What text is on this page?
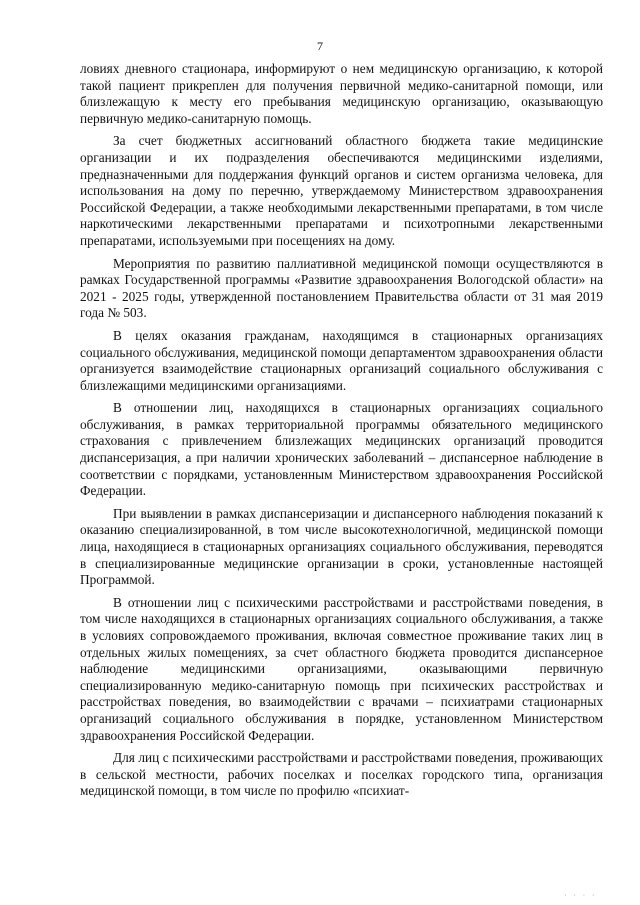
7

ловиях дневного стационара, информируют о нем медицинскую организацию, к которой такой пациент прикреплен для получения первичной медико-санитарной помощи, или близлежащую к месту его пребывания медицинскую организацию, оказывающую первичную медико-санитарную помощь.

За счет бюджетных ассигнований областного бюджета такие медицинские организации и их подразделения обеспечиваются медицинскими изделиями, предназначенными для поддержания функций органов и систем организма человека, для использования на дому по перечню, утверждаемому Министерством здравоохранения Российской Федерации, а также необходимыми лекарственными препаратами, в том числе наркотическими лекарственными препаратами и психотропными лекарственными препаратами, используемыми при посещениях на дому.

Мероприятия по развитию паллиативной медицинской помощи осуществляются в рамках Государственной программы «Развитие здравоохранения Вологодской области» на 2021 - 2025 годы, утвержденной постановлением Правительства области от 31 мая 2019 года № 503.

В целях оказания гражданам, находящимся в стационарных организациях социального обслуживания, медицинской помощи департаментом здравоохранения области организуется взаимодействие стационарных организаций социального обслуживания с близлежащими медицинскими организациями.

В отношении лиц, находящихся в стационарных организациях социального обслуживания, в рамках территориальной программы обязательного медицинского страхования с привлечением близлежащих медицинских организаций проводится диспансеризация, а при наличии хронических заболеваний – диспансерное наблюдение в соответствии с порядками, установленным Министерством здравоохранения Российской Федерации.

При выявлении в рамках диспансеризации и диспансерного наблюдения показаний к оказанию специализированной, в том числе высокотехнологичной, медицинской помощи лица, находящиеся в стационарных организациях социального обслуживания, переводятся в специализированные медицинские организации в сроки, установленные настоящей Программой.

В отношении лиц с психическими расстройствами и расстройствами поведения, в том числе находящихся в стационарных организациях социального обслуживания, а также в условиях сопровождаемого проживания, включая совместное проживание таких лиц в отдельных жилых помещениях, за счет областного бюджета проводится диспансерное наблюдение медицинскими организациями, оказывающими первичную специализированную медико-санитарную помощь при психических расстройствах и расстройствах поведения, во взаимодействии с врачами – психиатрами стационарных организаций социального обслуживания в порядке, установленном Министерством здравоохранения Российской Федерации.

Для лиц с психическими расстройствами и расстройствами поведения, проживающих в сельской местности, рабочих поселках и поселках городского типа, организация медицинской помощи, в том числе по профилю «психиат-

· · · ·
